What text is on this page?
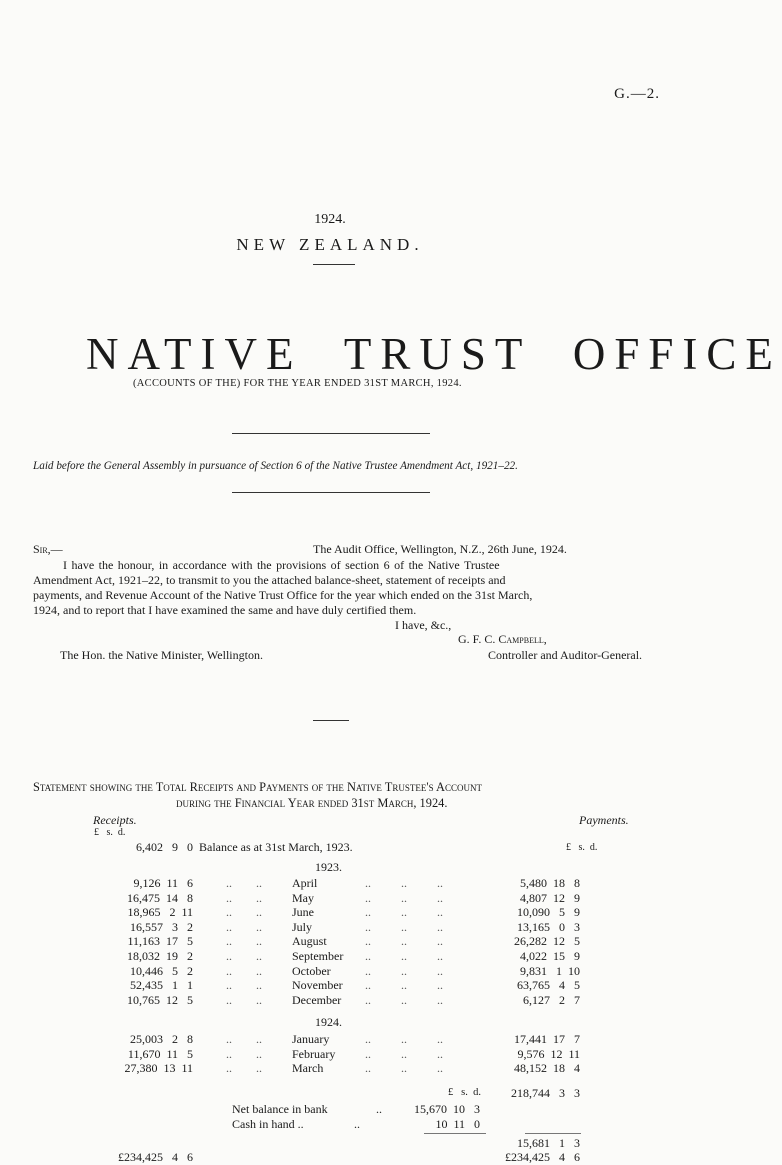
G.—2.
1924.
NEW ZEALAND.
NATIVE TRUST OFFICE
(ACCOUNTS OF THE) FOR THE YEAR ENDED 31ST MARCH, 1924.
Laid before the General Assembly in pursuance of Section 6 of the Native Trustee Amendment Act, 1921–22.
Sir,—	The Audit Office, Wellington, N.Z., 26th June, 1924.
I have the honour, in accordance with the provisions of section 6 of the Native Trustee
Amendment Act, 1921–22, to transmit to you the attached balance-sheet, statement of receipts and
payments, and Revenue Account of the Native Trust Office for the year which ended on the 31st March,
1924, and to report that I have examined the same and have duly certified them.
I have, &c.,
G. F. C. Campbell,
The Hon. the Native Minister, Wellington.	Controller and Auditor-General.
Statement showing the Total Receipts and Payments of the Native Trustee's Account
during the Financial Year ended 31st March, 1924.
Receipts.	Payments.
£   s.  d.
£   s.  d.
6,402   9   0 Balance as at 31st March, 1923.
1923.
9,126  11   6	..        ..	April	..          ..          ..	5,480  18   8
16,475  14   8	..        ..	May	..          ..          ..	4,807  12   9
18,965   2  11	..        ..	June	..          ..          ..	10,090   5   9
16,557   3   2	..        ..	July	..          ..          ..	13,165   0   3
11,163  17   5	..        ..	August	..          ..          ..	26,282  12   5
18,032  19   2	..        ..	September ..          ..          ..	4,022  15   9
10,446   5   2	..        ..	October	..          ..          ..	9,831   1  10
52,435   1   1	..        ..	November ..          ..          ..	63,765   4   5
10,765  12   5	..        ..	December ..          ..          ..	6,127   2   7
1924.
25,003   2   8	..        ..	January	..          ..          ..	17,441  17   7
11,670  11   5	..        ..	February ..          ..          ..	9,576  12  11
27,380  13  11	..        ..	March	..          ..          ..	48,152  18   4
£   s.  d.	218,744   3   3
Net balance in bank	..	15,670  10   3
Cash in hand ..	..	10  11   0
15,681   1   3
£234,425   4   6	£234,425   4   6
